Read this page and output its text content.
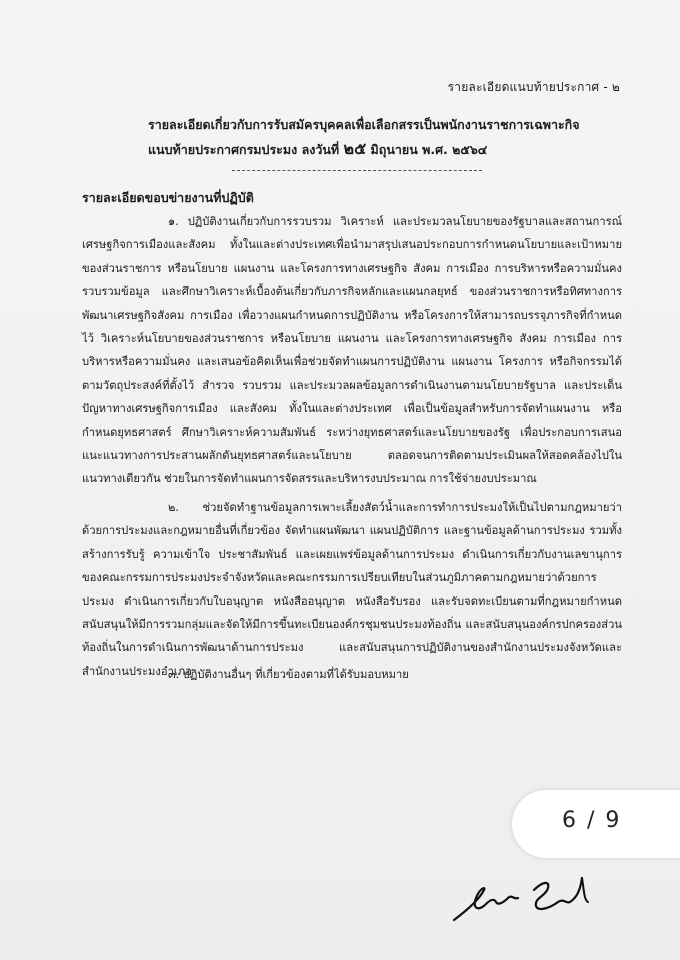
รายละเอียดแนบท้ายประกาศ - ๒
รายละเอียดเกี่ยวกับการรับสมัครบุคคลเพื่อเลือกสรรเป็นพนักงานราชการเฉพาะกิจ
แนบท้ายประกาศกรมประมง ลงวันที่ ๒๕ มิถุนายน พ.ศ. ๒๕๖๔
รายละเอียดขอบข่ายงานที่ปฏิบัติ
๑. ปฏิบัติงานเกี่ยวกับการรวบรวม วิเคราะห์ และประมวลนโยบายของรัฐบาลและสถานการณ์เศรษฐกิจการเมืองและสังคม ทั้งในและต่างประเทศเพื่อนำมาสรุปเสนอประกอบการกำหนดนโยบายและเป้าหมายของส่วนราชการ หรือนโยบาย แผนงาน และโครงการทางเศรษฐกิจ สังคม การเมือง การบริหารหรือความมั่นคง รวบรวมข้อมูล และศึกษาวิเคราะห์เบื้องต้นเกี่ยวกับภารกิจหลักและแผนกลยุทธ์ ของส่วนราชการหรือทิศทางการพัฒนาเศรษฐกิจสังคม การเมือง เพื่อวางแผนกำหนดการปฏิบัติงาน หรือโครงการให้สามารถบรรจุภารกิจที่กำหนดไว้ วิเคราะห์นโยบายของส่วนราชการ หรือนโยบาย แผนงาน และโครงการทางเศรษฐกิจ สังคม การเมือง การบริหารหรือความมั่นคง และเสนอข้อคิดเห็นเพื่อช่วยจัดทำแผนการปฏิบัติงาน แผนงาน โครงการ หรือกิจกรรมได้ตามวัตถุประสงค์ที่ตั้งไว้ สำรวจ รวบรวม และประมวลผลข้อมูลการดำเนินงานตามนโยบายรัฐบาล และประเด็นปัญหาทางเศรษฐกิจการเมือง และสังคม ทั้งในและต่างประเทศ เพื่อเป็นข้อมูลสำหรับการจัดทำแผนงาน หรือกำหนดยุทธศาสตร์ ศึกษาวิเคราะห์ความสัมพันธ์ ระหว่างยุทธศาสตร์และนโยบายของรัฐ เพื่อประกอบการเสนอแนะแนวทางการประสานผลักดันยุทธศาสตร์และนโยบาย ตลอดจนการติดตามประเมินผลให้สอดคล้องไปในแนวทางเดียวกัน ช่วยในการจัดทำแผนการจัดสรรและบริหารงบประมาณ การใช้จ่ายงบประมาณ
๒. ช่วยจัดทำฐานข้อมูลการเพาะเลี้ยงสัตว์น้ำและการทำการประมงให้เป็นไปตามกฎหมายว่าด้วยการประมงและกฎหมายอื่นที่เกี่ยวข้อง จัดทำแผนพัฒนา แผนปฏิบัติการ และฐานข้อมูลด้านการประมง รวมทั้งสร้างการรับรู้ ความเข้าใจ ประชาสัมพันธ์ และเผยแพร่ข้อมูลด้านการประมง ดำเนินการเกี่ยวกับงานเลขานุการของคณะกรรมการประมงประจำจังหวัดและคณะกรรมการเปรียบเทียบในส่วนภูมิภาคตามกฎหมายว่าด้วยการประมง ดำเนินการเกี่ยวกับใบอนุญาต หนังสืออนุญาต หนังสือรับรอง และรับจดทะเบียนตามที่กฎหมายกำหนด สนับสนุนให้มีการรวมกลุ่มและจัดให้มีการขึ้นทะเบียนองค์กรชุมชนประมงท้องถิ่น และสนับสนุนองค์กรปกครองส่วนท้องถิ่นในการดำเนินการพัฒนาด้านการประมง และสนับสนุนการปฏิบัติงานของสำนักงานประมงจังหวัดและสำนักงานประมงอำเภอ
๓. ปฏิบัติงานอื่นๆ ที่เกี่ยวข้องตามที่ได้รับมอบหมาย
6 / 9
